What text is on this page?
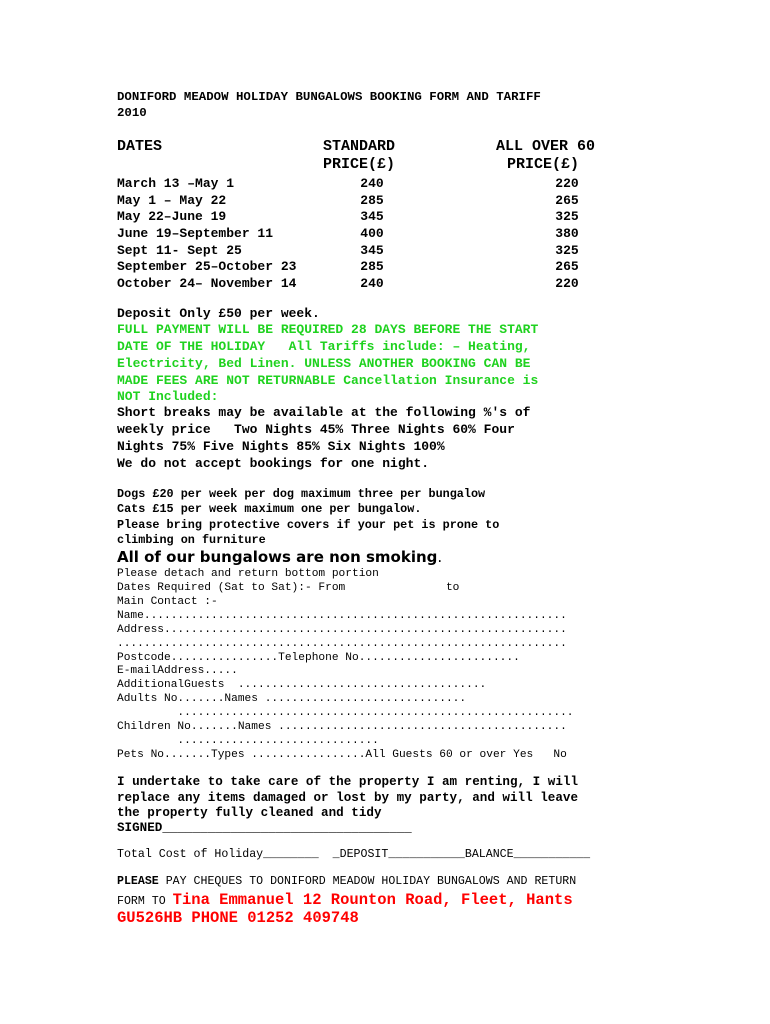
DONIFORD MEADOW HOLIDAY BUNGALOWS BOOKING FORM AND TARIFF
2010
DATES	STANDARD
PRICE(£)
ALL OVER 60
PRICE(£)
March 13 –May 1
May 1 – May 22
May 22–June 19
June 19–September 11
Sept 11- Sept 25
September 25–October 23
October 24– November 14
240
285
345
400
345
285
240
220
265
325
380
325
265
220
Deposit Only £50 per week.
FULL PAYMENT WILL BE REQUIRED 28 DAYS BEFORE THE START
DATE OF THE HOLIDAY   All Tariffs include: – Heating,
Electricity, Bed Linen. UNLESS ANOTHER BOOKING CAN BE
MADE FEES ARE NOT RETURNABLE Cancellation Insurance is
NOT Included:
Short breaks may be available at the following %'s of
weekly price   Two Nights 45% Three Nights 60% Four
Nights 75% Five Nights 85% Six Nights 100%
We do not accept bookings for one night.
Dogs £20 per week per dog maximum three per bungalow
Cats £15 per week maximum one per bungalow.
Please bring protective covers if your pet is prone to
climbing on furniture
All of our bungalows are non smoking.
Please detach and return bottom portion
Dates Required (Sat to Sat):- From               to
Main Contact :-
Name...............................................................
Address............................................................
...................................................................
Postcode................Telephone No........................
E-mailAddress.....
AdditionalGuests  .....................................
Adults No.......Names ..............................
...........................................................
Children No.......Names ...........................................
..............................
Pets No.......Types .................All Guests 60 or over Yes   No
I undertake to take care of the property I am renting, I will
replace any items damaged or lost by my party, and will leave
the property fully cleaned and tidy
SIGNED_________________________________
Total Cost of Holiday________  _DEPOSIT___________BALANCE___________
PLEASE PAY CHEQUES TO DONIFORD MEADOW HOLIDAY BUNGALOWS AND RETURN
FORM TO Tina Emmanuel 12 Rounton Road, Fleet, Hants
GU526HB PHONE 01252 409748
